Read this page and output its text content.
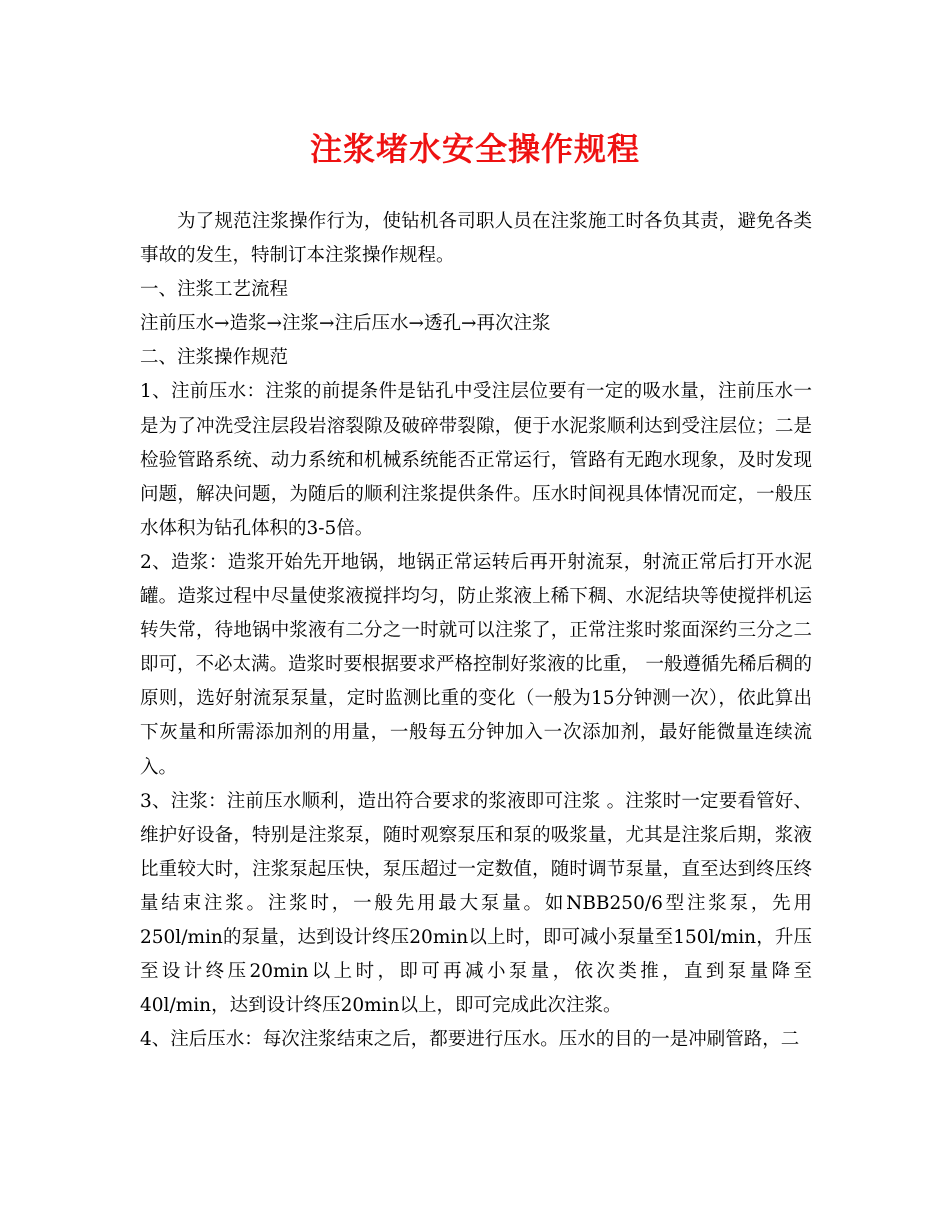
注浆堵水安全操作规程

为了规范注浆操作行为，使钻机各司职人员在注浆施工时各负其责，避免各类事故的发生，特制订本注浆操作规程。

一、注浆工艺流程

注前压水→造浆→注浆→注后压水→透孔→再次注浆

二、注浆操作规范

1、注前压水：注浆的前提条件是钻孔中受注层位要有一定的吸水量，注前压水一是为了冲洗受注层段岩溶裂隙及破碎带裂隙，便于水泥浆顺利达到受注层位；二是检验管路系统、动力系统和机械系统能否正常运行，管路有无跑水现象，及时发现问题，解决问题，为随后的顺利注浆提供条件。压水时间视具体情况而定，一般压水体积为钻孔体积的3-5倍。

2、造浆：造浆开始先开地锅，地锅正常运转后再开射流泵，射流正常后打开水泥罐。造浆过程中尽量使浆液搅拌均匀，防止浆液上稀下稠、水泥结块等使搅拌机运转失常，待地锅中浆液有二分之一时就可以注浆了，正常注浆时浆面深约三分之二即可，不必太满。造浆时要根据要求严格控制好浆液的比重， 一般遵循先稀后稠的原则，选好射流泵泵量，定时监测比重的变化（一般为15分钟测一次），依此算出下灰量和所需添加剂的用量，一般每五分钟加入一次添加剂，最好能微量连续流入。

3、注浆：注前压水顺利，造出符合要求的浆液即可注浆 。注浆时一定要看管好、维护好设备，特别是注浆泵，随时观察泵压和泵的吸浆量，尤其是注浆后期，浆液比重较大时，注浆泵起压快，泵压超过一定数值，随时调节泵量，直至达到终压终量结束注浆。注浆时，一般先用最大泵量。如NBB250/6型注浆泵，先用250l/min的泵量，达到设计终压20min以上时，即可减小泵量至150l/min，升压至设计终压20min以上时，即可再减小泵量，依次类推，直到泵量降至 40l/min，达到设计终压20min以上，即可完成此次注浆。

4、注后压水：每次注浆结束之后，都要进行压水。压水的目的一是冲刷管路，二
